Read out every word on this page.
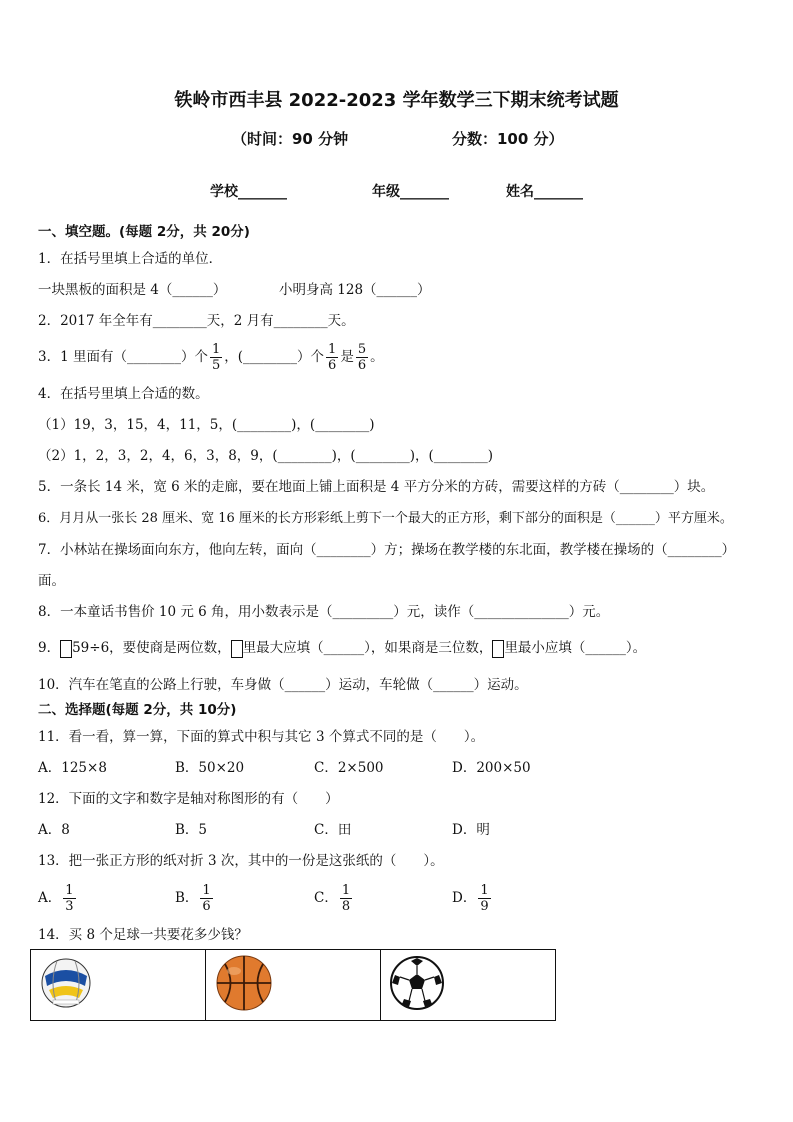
铁岭市西丰县 2022-2023 学年数学三下期末统考试题
（时间：90 分钟	分数：100 分）
学校_______	年级_______	姓名_______
一、填空题。(每题 2分，共 20分)
1．在括号里填上合适的单位．
一块黑板的面积是 4（______）	小明身高 128（______）
2．2017 年全年有________天，2 月有________天。
3．1 里面有（________）个 $\frac{1}{5}$ ，(________）个 $\frac{1}{6}$ 是 $\frac{5}{6}$ 。
4．在括号里填上合适的数。
（1）19，3，15，4，11，5，(________)，(________)
（2）1，2，3，2，4，6，3，8，9，(________)，(________)，(________)
5．一条长 14 米，宽 6 米的走廊，要在地面上铺上面积是 4 平方分米的方砖，需要这样的方砖（________）块。
6．月月从一张长 28 厘米、宽 16 厘米的长方形彩纸上剪下一个最大的正方形，剩下部分的面积是（______）平方厘米。
7．小林站在操场面向东方，他向左转，面向（________）方；操场在教学楼的东北面，教学楼在操场的（________）
面。
8．一本童话书售价 10 元 6 角，用小数表示是（_________）元，读作（______________）元。
9． 59÷6，要使商是两位数， 里最大应填（______），如果商是三位数， 里最小应填（______）。
10．汽车在笔直的公路上行驶，车身做（______）运动，车轮做（______）运动。
二、选择题(每题 2分，共 10分)
11．看一看，算一算，下面的算式中积与其它 3 个算式不同的是（　　）。
A．125×8	B．50×20	C．2×500	D．200×50
12．下面的文字和数字是轴对称图形的有（　　）
A．8	B．5	C．田	D．明
13．把一张正方形的纸对折 3 次，其中的一份是这张纸的（　　）。
A． $\frac{1}{3}$	B． $\frac{1}{6}$	C． $\frac{1}{8}$	D． $\frac{1}{9}$
14．买 8 个足球一共要花多少钱？
